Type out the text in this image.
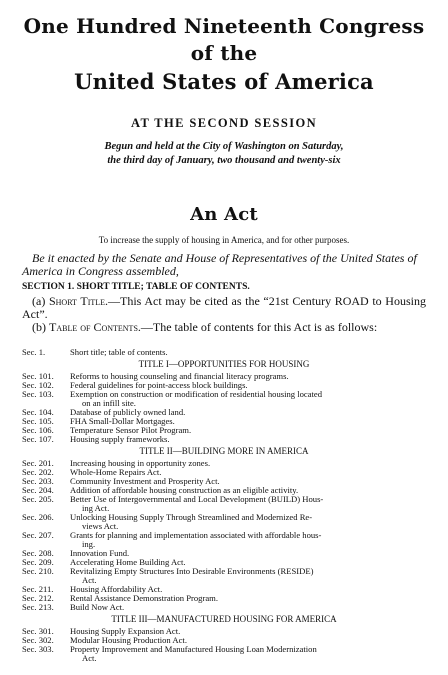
One Hundred Nineteenth Congress
of the
United States of America
AT THE SECOND SESSION
Begun and held at the City of Washington on Saturday,
the third day of January, two thousand and twenty-six
An Act
To increase the supply of housing in America, and for other purposes.
Be it enacted by the Senate and House of Representatives of the United States of America in Congress assembled,
SECTION 1. SHORT TITLE; TABLE OF CONTENTS.
(a) Short Title.—This Act may be cited as the “21st Century ROAD to Housing Act”.
(b) Table of Contents.—The table of contents for this Act is as follows:
Sec. 1.	Short title; table of contents.
TITLE I—OPPORTUNITIES FOR HOUSING
Sec. 101.	Reforms to housing counseling and financial literacy programs.
Sec. 102.	Federal guidelines for point-access block buildings.
Sec. 103.	Exemption on construction or modification of residential housing located
on an infill site.
Sec. 104.	Database of publicly owned land.
Sec. 105.	FHA Small-Dollar Mortgages.
Sec. 106.	Temperature Sensor Pilot Program.
Sec. 107.	Housing supply frameworks.
TITLE II—BUILDING MORE IN AMERICA
Sec. 201.	Increasing housing in opportunity zones.
Sec. 202.	Whole-Home Repairs Act.
Sec. 203.	Community Investment and Prosperity Act.
Sec. 204.	Addition of affordable housing construction as an eligible activity.
Sec. 205.	Better Use of Intergovernmental and Local Development (BUILD) Hous-
ing Act.
Sec. 206.	Unlocking Housing Supply Through Streamlined and Modernized Re-
views Act.
Sec. 207.	Grants for planning and implementation associated with affordable hous-
ing.
Sec. 208.	Innovation Fund.
Sec. 209.	Accelerating Home Building Act.
Sec. 210.	Revitalizing Empty Structures Into Desirable Environments (RESIDE)
Act.
Sec. 211.	Housing Affordability Act.
Sec. 212.	Rental Assistance Demonstration Program.
Sec. 213.	Build Now Act.
TITLE III—MANUFACTURED HOUSING FOR AMERICA
Sec. 301.	Housing Supply Expansion Act.
Sec. 302.	Modular Housing Production Act.
Sec. 303.	Property Improvement and Manufactured Housing Loan Modernization
Act.
